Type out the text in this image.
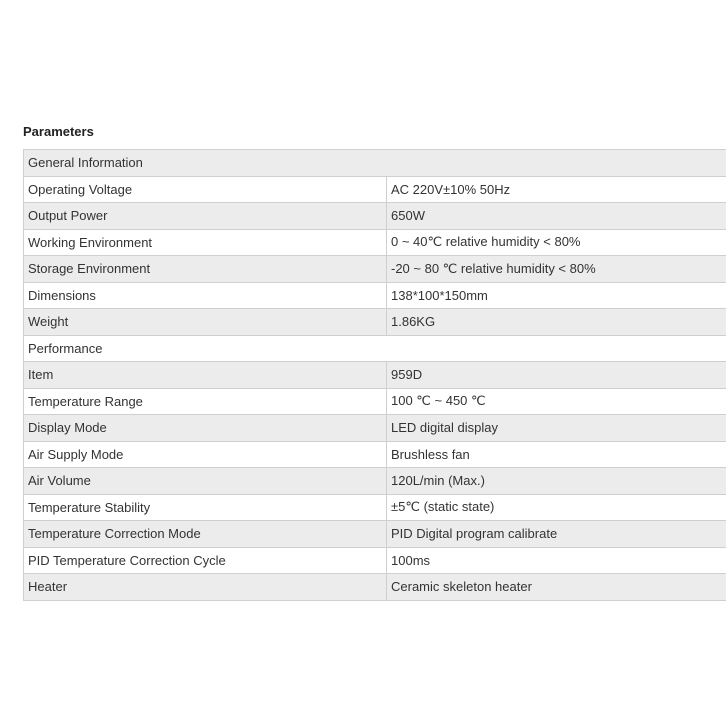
Parameters
General Information	
Operating Voltage	AC 220V±10% 50Hz
Output Power	650W
Working Environment	0 ~ 40℃ relative humidity < 80%
Storage Environment	-20 ~ 80 ℃ relative humidity < 80%
Dimensions	138*100*150mm
Weight	1.86KG
Performance	
Item	959D
Temperature Range	100 ℃ ~ 450 ℃
Display Mode	LED digital display
Air Supply Mode	Brushless fan
Air Volume	120L/min (Max.)
Temperature Stability	±5℃ (static state)
Temperature Correction Mode	PID Digital program calibrate
PID Temperature Correction Cycle	100ms
Heater	Ceramic skeleton heater
